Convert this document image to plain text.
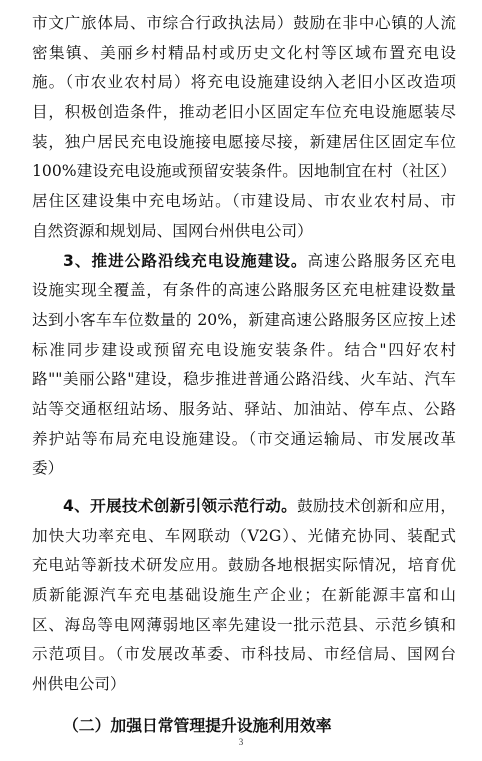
市文广旅体局、市综合行政执法局）鼓励在非中心镇的人流
密集镇、美丽乡村精品村或历史文化村等区域布置充电设
施。（市农业农村局）将充电设施建设纳入老旧小区改造项
目，积极创造条件，推动老旧小区固定车位充电设施愿装尽
装，独户居民充电设施接电愿接尽接，新建居住区固定车位
100%建设充电设施或预留安装条件。因地制宜在村（社区）
居住区建设集中充电场站。（市建设局、市农业农村局、市
自然资源和规划局、国网台州供电公司）
3、推进公路沿线充电设施建设。高速公路服务区充电
设施实现全覆盖，有条件的高速公路服务区充电桩建设数量
达到小客车车位数量的 20%，新建高速公路服务区应按上述
标准同步建设或预留充电设施安装条件。结合"四好农村
路""美丽公路"建设，稳步推进普通公路沿线、火车站、汽车
站等交通枢纽站场、服务站、驿站、加油站、停车点、公路
养护站等布局充电设施建设。（市交通运输局、市发展改革
委）
4、开展技术创新引领示范行动。鼓励技术创新和应用，
加快大功率充电、车网联动（V2G）、光储充协同、装配式
充电站等新技术研发应用。鼓励各地根据实际情况，培育优
质新能源汽车充电基础设施生产企业；在新能源丰富和山
区、海岛等电网薄弱地区率先建设一批示范县、示范乡镇和
示范项目。（市发展改革委、市科技局、市经信局、国网台
州供电公司）
（二）加强日常管理提升设施利用效率
3
